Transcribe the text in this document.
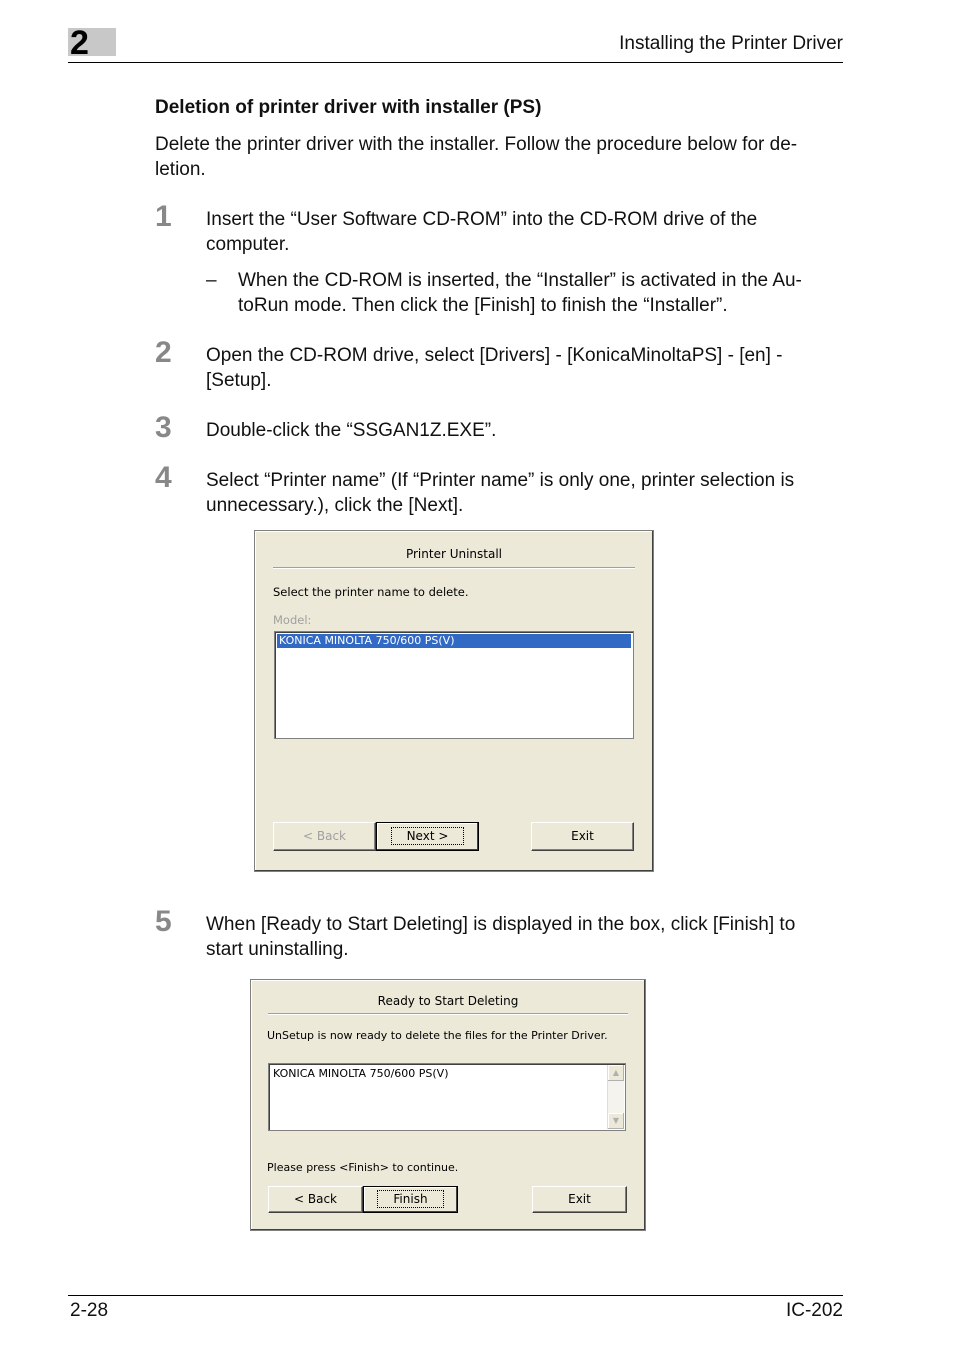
2	Installing the Printer Driver
Deletion of printer driver with installer (PS)
Delete the printer driver with the installer. Follow the procedure below for de-
letion.
1 Insert the “User Software CD-ROM” into the CD-ROM drive of the
computer.
– When the CD-ROM is inserted, the “Installer” is activated in the Au-
toRun mode. Then click the [Finish] to finish the “Installer”.
2 Open the CD-ROM drive, select [Drivers] - [KonicaMinoltaPS] - [en] -
[Setup].
3 Double-click the “SSGAN1Z.EXE”.
4 Select “Printer name” (If “Printer name” is only one, printer selection is
unnecessary.), click the [Next].
Printer Uninstall
Select the printer name to delete.
Model:
KONICA MINOLTA 750/600 PS(V)
< Back	Next >	Exit
5 When [Ready to Start Deleting] is displayed in the box, click [Finish] to
start uninstalling.
Ready to Start Deleting
UnSetup is now ready to delete the files for the Printer Driver.
KONICA MINOLTA 750/600 PS(V)	▲
▼
Please press <Finish> to continue.
< Back	Finish	Exit
2-28	IC-202
